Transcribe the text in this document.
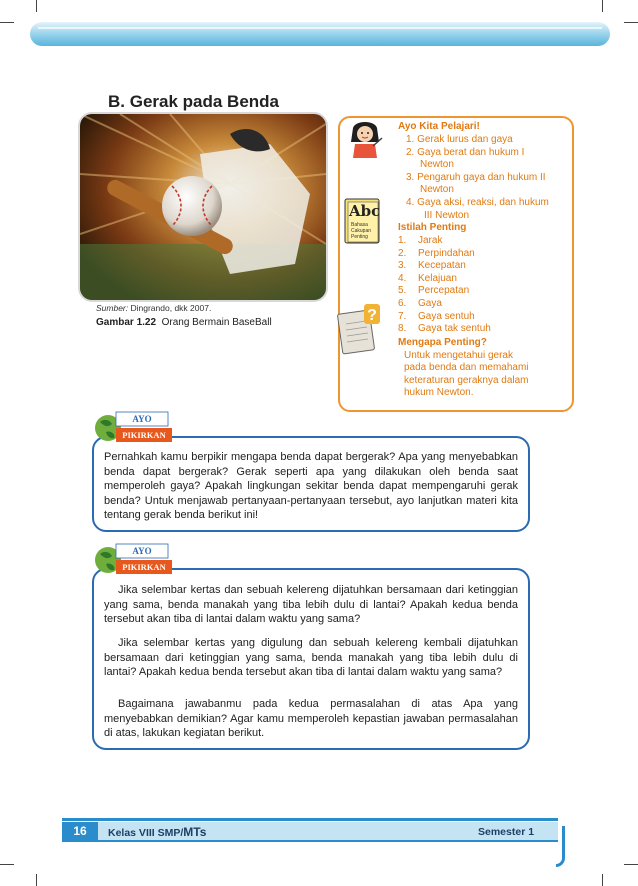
B. Gerak pada Benda
Sumber: Dingrando, dkk 2007.
Gambar 1.22 Orang Bermain BaseBall
Abc
Bahasa Cakupan Penting
?
Ayo Kita Pelajari!
1. Gerak lurus dan gaya
2. Gaya berat dan hukum I
Newton
3. Pengaruh gaya dan hukum II
Newton
4. Gaya aksi, reaksi, dan hukum
III Newton
Istilah Penting
1. Jarak
2. Perpindahan
3. Kecepatan
4. Kelajuan
5. Percepatan
6. Gaya
7. Gaya sentuh
8. Gaya tak sentuh
Mengapa Penting?
Untuk mengetahui gerak
pada benda dan memahami
keteraturan geraknya dalam
hukum Newton.
AYO
PIKIRKAN
Pernahkah kamu berpikir mengapa benda dapat bergerak? Apa yang menyebabkan benda dapat bergerak? Gerak seperti apa yang dilakukan oleh benda saat memperoleh gaya? Apakah lingkungan sekitar benda dapat mempengaruhi gerak benda? Untuk menjawab pertanyaan-pertanyaan tersebut, ayo lanjutkan materi kita tentang gerak benda berikut ini!
AYO
PIKIRKAN
Jika selembar kertas dan sebuah kelereng dijatuhkan bersamaan dari ketinggian yang sama, benda manakah yang tiba lebih dulu di lantai? Apakah kedua benda tersebut akan tiba di lantai dalam waktu yang sama?
Jika selembar kertas yang digulung dan sebuah kelereng kembali dijatuhkan bersamaan dari ketinggian yang sama, benda manakah yang tiba lebih dulu di lantai? Apakah kedua benda tersebut akan tiba di lantai dalam waktu yang sama?
Bagaimana jawabanmu pada kedua permasalahan di atas Apa yang menyebabkan demikian? Agar kamu memperoleh kepastian jawaban permasalahan di atas, lakukan kegiatan berikut.
16	Kelas VIII SMP/MTs	Semester 1
